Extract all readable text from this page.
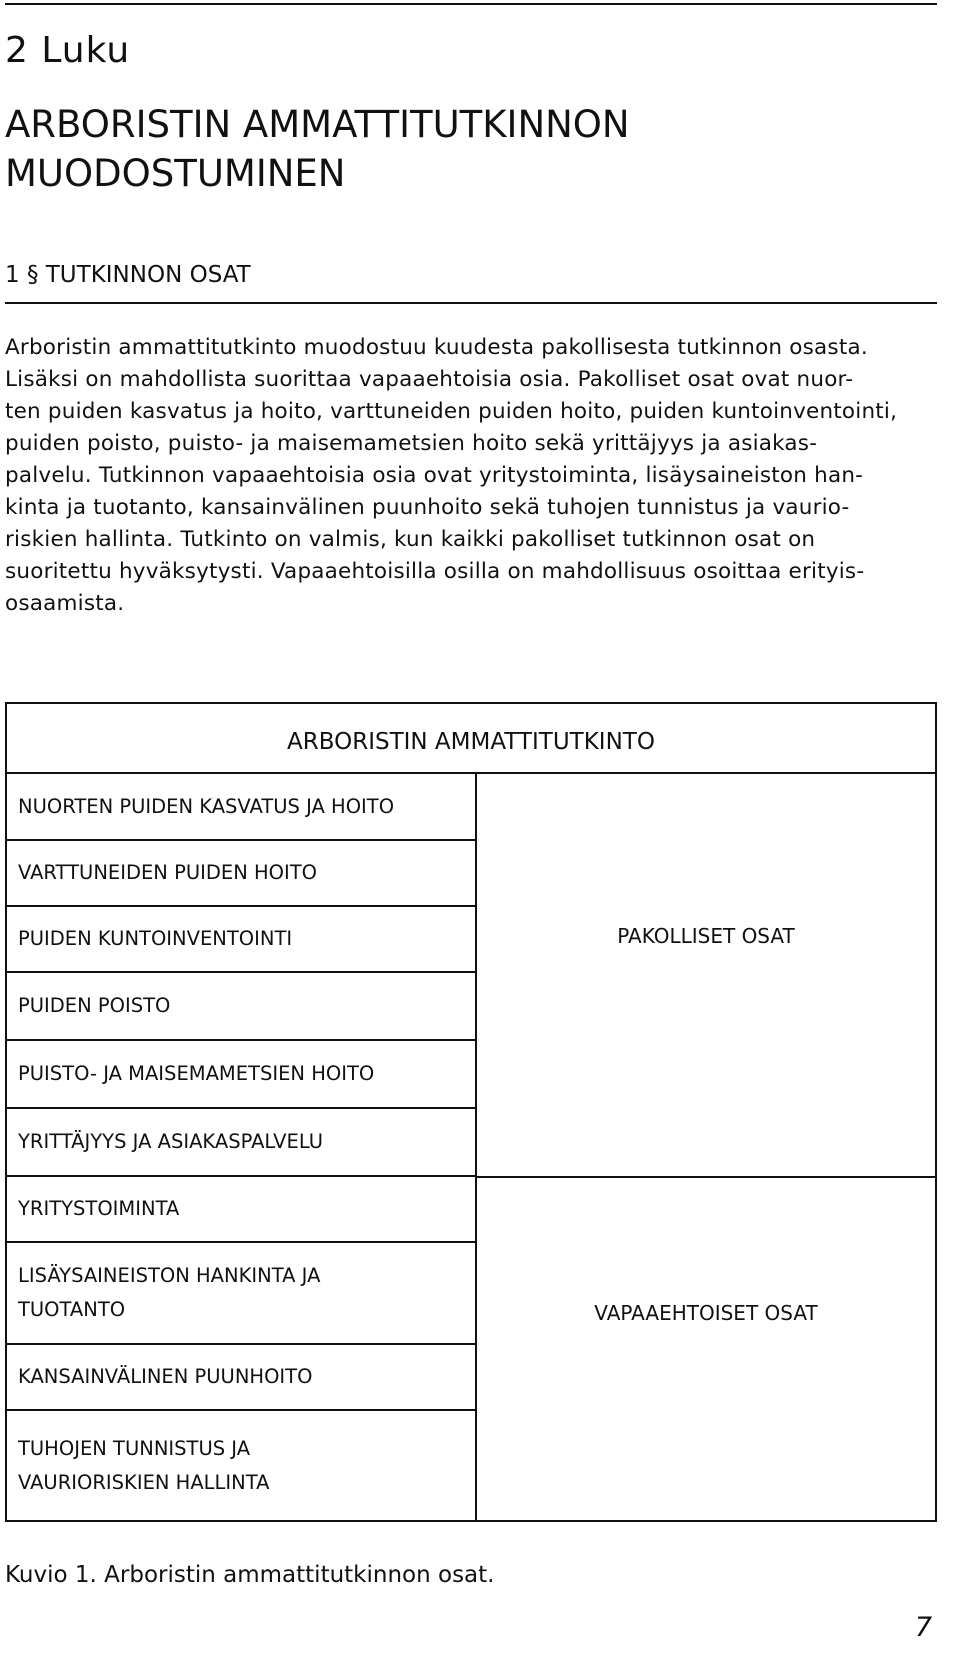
2 Luku
ARBORISTIN AMMATTITUTKINNON
MUODOSTUMINEN
1 § TUTKINNON OSAT
Arboristin ammattitutkinto muodostuu kuudesta pakollisesta tutkinnon osasta.
Lisäksi on mahdollista suorittaa vapaaehtoisia osia. Pakolliset osat ovat nuor-
ten puiden kasvatus ja hoito, varttuneiden puiden hoito, puiden kuntoinventointi,
puiden poisto, puisto- ja maisemametsien hoito sekä yrittäjyys ja asiakas-
palvelu. Tutkinnon vapaaehtoisia osia ovat yritystoiminta, lisäysaineiston han-
kinta ja tuotanto, kansainvälinen puunhoito sekä tuhojen tunnistus ja vaurio-
riskien hallinta. Tutkinto on valmis, kun kaikki pakolliset tutkinnon osat on
suoritettu hyväksytysti. Vapaaehtoisilla osilla on mahdollisuus osoittaa erityis-
osaamista.
ARBORISTIN AMMATTITUTKINTO
NUORTEN PUIDEN KASVATUS JA HOITO
VARTTUNEIDEN PUIDEN HOITO
PUIDEN KUNTOINVENTOINTI
PUIDEN POISTO
PUISTO- JA MAISEMAMETSIEN HOITO
YRITTÄJYYS JA ASIAKASPALVELU
YRITYSTOIMINTA
LISÄYSAINEISTON HANKINTA JA TUOTANTO
KANSAINVÄLINEN PUUNHOITO
TUHOJEN TUNNISTUS JA VAURIORISKIEN HALLINTA
PAKOLLISET OSAT
VAPAAEHTOISET OSAT
Kuvio 1. Arboristin ammattitutkinnon osat.
7
